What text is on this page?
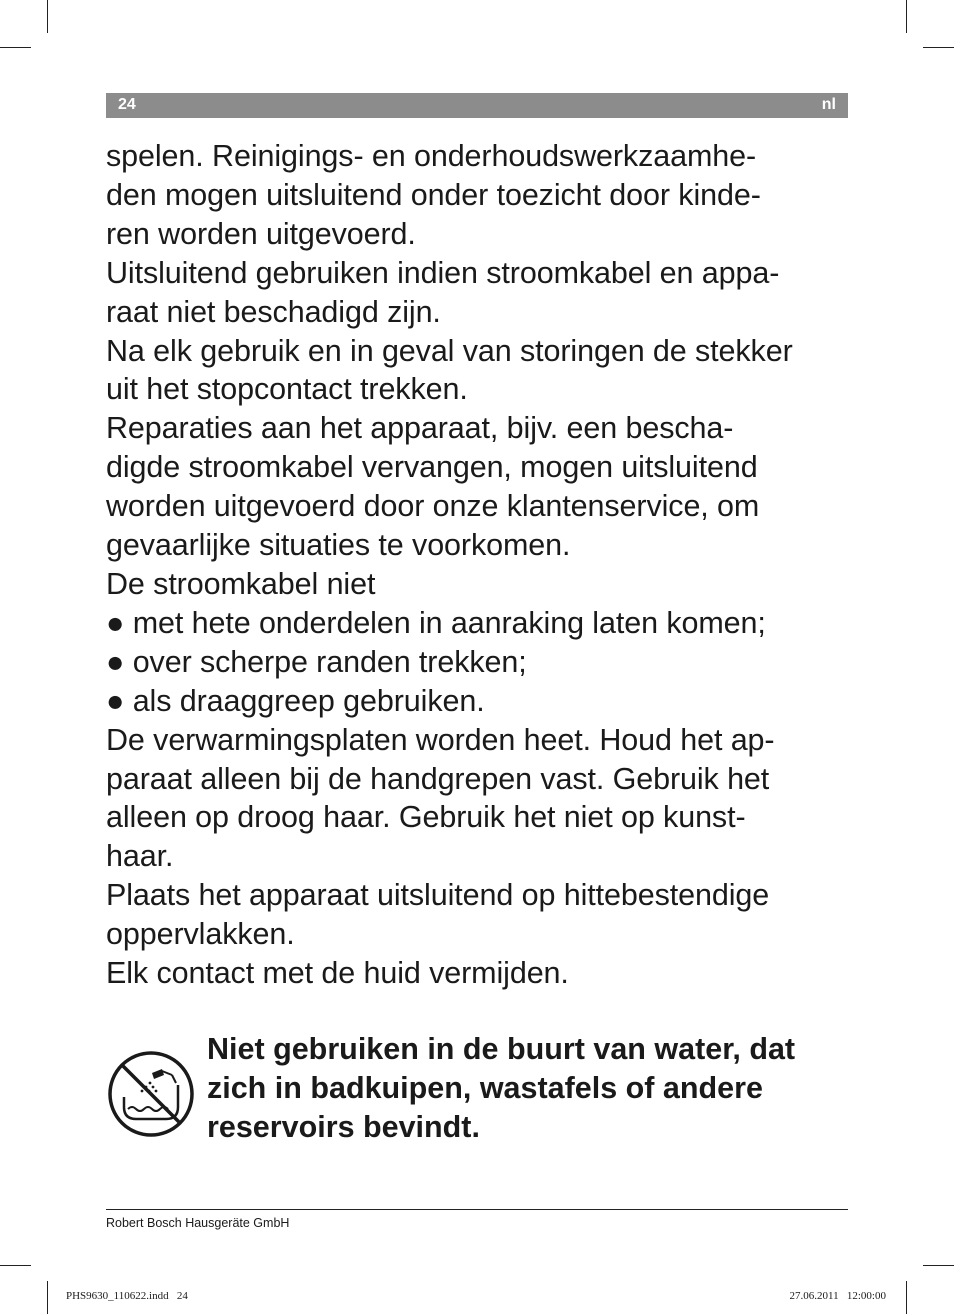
24	nl

spelen. Reinigings- en onderhoudswerkzaamhe-

den mogen uitsluitend onder toezicht door kinde-

ren worden uitgevoerd.

Uitsluitend gebruiken indien stroomkabel en appa-

raat niet beschadigd zijn.

Na elk gebruik en in geval van storingen de stekker

uit het stopcontact trekken.

Reparaties aan het apparaat, bijv. een bescha-

digde stroomkabel vervangen, mogen uitsluitend

worden uitgevoerd door onze klantenservice, om

gevaarlijke situaties te voorkomen.

De stroomkabel niet

● met hete onderdelen in aanraking laten komen;

● over scherpe randen trekken;

● als draaggreep gebruiken.

De verwarmingsplaten worden heet. Houd het ap-

paraat alleen bij de handgrepen vast. Gebruik het

alleen op droog haar. Gebruik het niet op kunst-

haar.

Plaats het apparaat uitsluitend op hittebestendige

oppervlakken.

Elk contact met de huid vermijden.

Niet gebruiken in de buurt van water, dat

zich in badkuipen, wastafels of andere

reservoirs bevindt.

Robert Bosch Hausgeräte GmbH
PHS9630_110622.indd   24	27.06.2011   12:00:00
